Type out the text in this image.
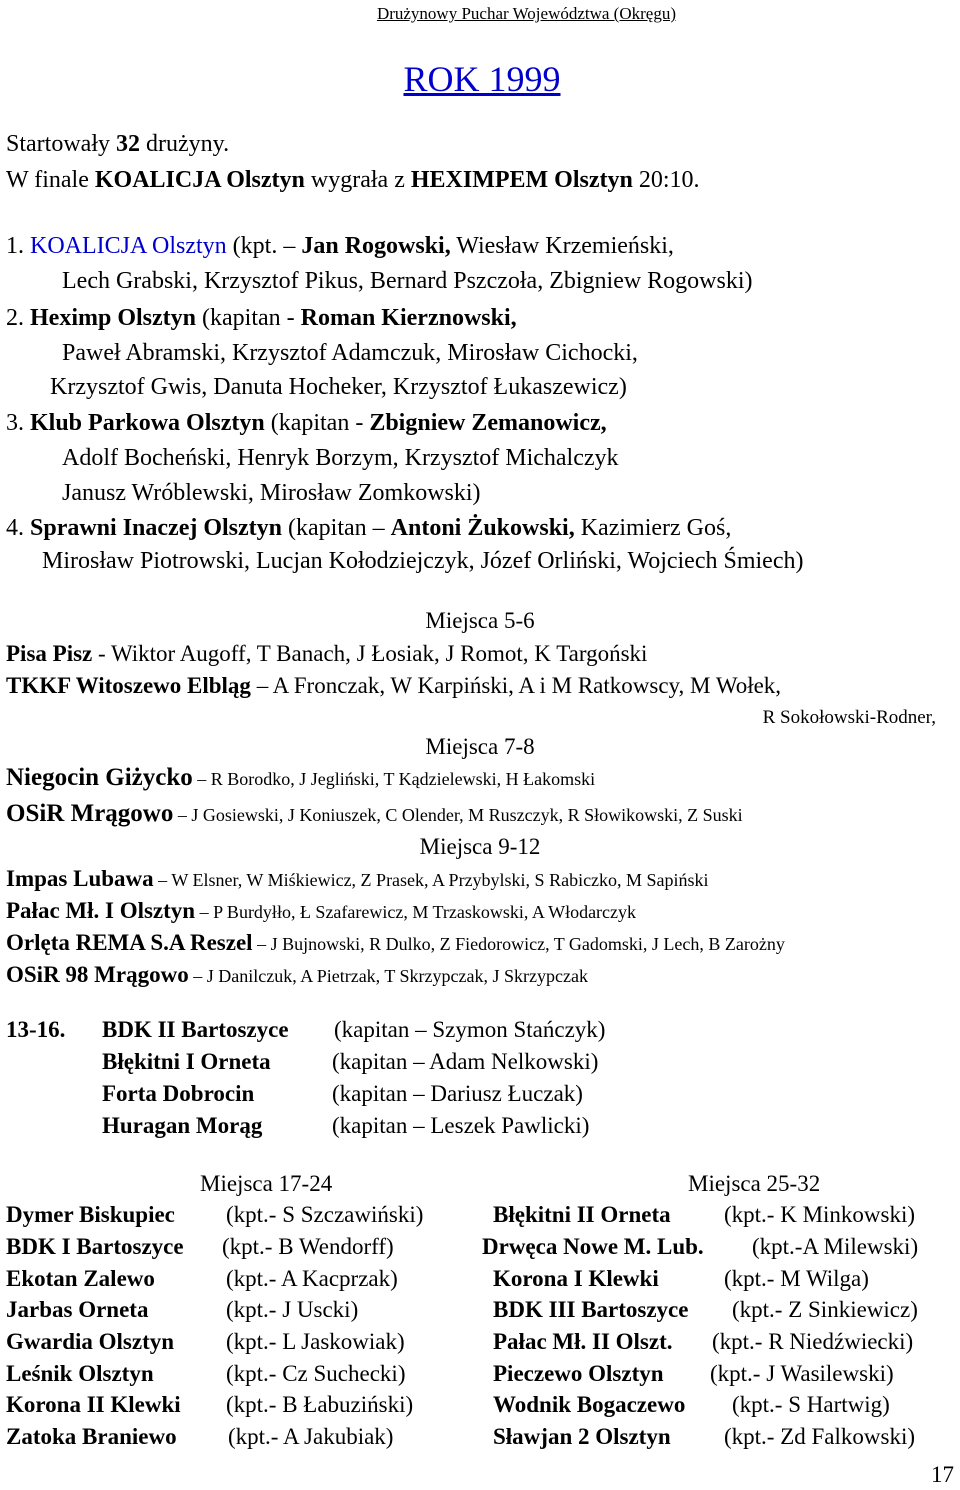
Drużynowy Puchar Województwa (Okręgu)
ROK 1999
Startowały 32 drużyny.
W finale KOALICJA Olsztyn wygrała z HEXIMPEM Olsztyn 20:10.
1. KOALICJA Olsztyn (kpt. – Jan Rogowski, Wiesław Krzemieński,
Lech Grabski, Krzysztof Pikus, Bernard Pszczoła, Zbigniew Rogowski)
2. Heximp Olsztyn (kapitan - Roman Kierznowski,
Paweł Abramski, Krzysztof Adamczuk, Mirosław Cichocki,
Krzysztof Gwis, Danuta Hocheker, Krzysztof Łukaszewicz)
3. Klub Parkowa Olsztyn (kapitan - Zbigniew Zemanowicz,
Adolf Bocheński, Henryk Borzym, Krzysztof Michalczyk
Janusz Wróblewski, Mirosław Zomkowski)
4. Sprawni Inaczej Olsztyn (kapitan – Antoni Żukowski, Kazimierz Goś,
Mirosław Piotrowski, Lucjan Kołodziejczyk, Józef Orliński, Wojciech Śmiech)
Miejsca 5-6
Pisa Pisz - Wiktor Augoff, T Banach, J Łosiak, J Romot, K Targoński
TKKF Witoszewo Elbląg – A Fronczak, W Karpiński, A i M Ratkowscy, M Wołek,
R Sokołowski-Rodner,
Miejsca 7-8
Niegocin Giżycko – R Borodko, J Jegliński, T Kądzielewski, H Łakomski
OSiR Mrągowo – J Gosiewski, J Koniuszek, C Olender, M Ruszczyk, R Słowikowski, Z Suski
Miejsca 9-12
Impas Lubawa – W Elsner, W Miśkiewicz, Z Prasek, A Przybylski, S Rabiczko, M Sapiński
Pałac Mł. I Olsztyn – P Burdyłło, Ł Szafarewicz, M Trzaskowski, A Włodarczyk
Orlęta REMA S.A Reszel – J Bujnowski, R Dulko, Z Fiedorowicz, T Gadomski, J Lech, B Zarożny
OSiR 98 Mrągowo – J Danilczuk, A Pietrzak, T Skrzypczak, J Skrzypczak
13-16. BDK II Bartoszyce (kapitan – Szymon Stańczyk)
Błękitni I Orneta	(kapitan – Adam Nelkowski)
Forta Dobrocin	(kapitan – Dariusz Łuczak)
Huragan Morąg	(kapitan – Leszek Pawlicki)
Miejsca 17-24	Miejsca 25-32
Dymer Biskupiec (kpt.- S Szczawiński)
BDK I Bartoszyce (kpt.- B Wendorff)
Ekotan Zalewo	(kpt.- A Kacprzak)
Jarbas Orneta	(kpt.- J Uscki)
Gwardia Olsztyn (kpt.- L Jaskowiak)
Leśnik Olsztyn	(kpt.- Cz Suchecki)
Korona II Klewki (kpt.- B Łabuziński)
Zatoka Braniewo (kpt.- A Jakubiak)
Błękitni II Orneta (kpt.- K Minkowski)
Drwęca Nowe M. Lub. (kpt.-A Milewski)
Korona I Klewki	(kpt.- M Wilga)
BDK III Bartoszyce (kpt.- Z Sinkiewicz)
Pałac Mł. II Olszt. (kpt.- R Niedźwiecki)
Pieczewo Olsztyn (kpt.- J Wasilewski)
Wodnik Bogaczewo (kpt.- S Hartwig)
Sławjan 2 Olsztyn (kpt.- Zd Falkowski)
17
